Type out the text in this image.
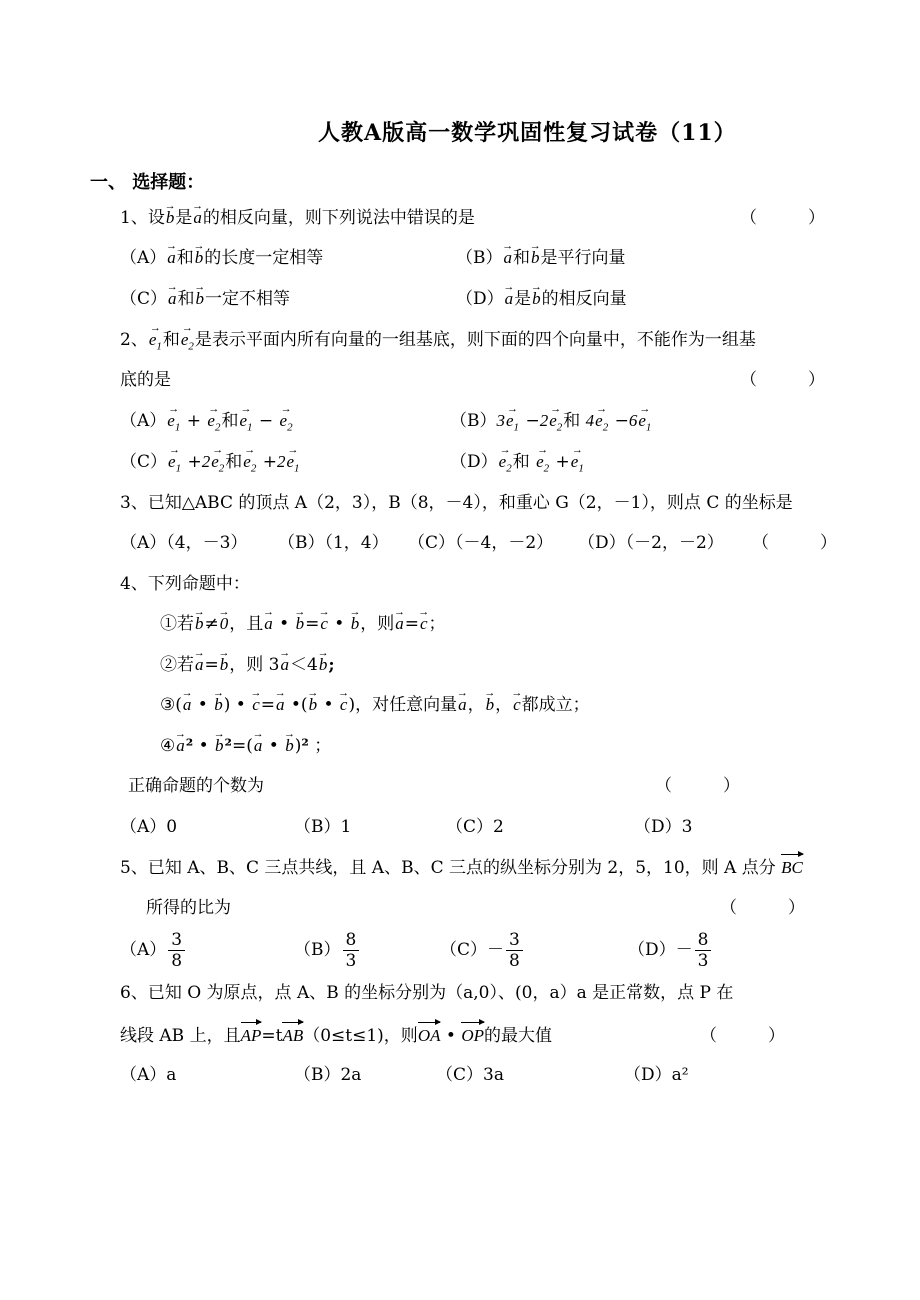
人教A版高一数学巩固性复习试卷（11）
一、 选择题：
1、设→ b是→ a的相反向量，则下列说法中错误的是	（　　　）
（A）→ a和→ b的长度一定相等	（B）→ a和→ b是平行向量
（C）→ a和→ b一定不相等	（D）→ a是→ b的相反向量
2、→ $e_1$和→ $e_2$是表示平面内所有向量的一组基底，则下面的四个向量中，不能作为一组基
底的是	（　　　）
$(A)\to e_1$ + → $e_2$和→ $e_1$ − → $e_2$	$(B)3\to e_1 -2\to e_2$和 $4\to e_2 -6\to e_1$
$(C)\to e_1 +2\to e_2$和→ $e_2 +2\to e_1$	$(D)\to e_2$和 → $e_2 +\to e_1$
3、已知△ABC 的顶点 A（2，3），B（8，－4），和重心 G（2，－1），则点 C 的坐标是
（A）（4，－3） （B）（1，4） （C）（－4，－2） （D）（－2，－2） （　　　）
4、下列命题中：
①若→ b≠→ 0，且→ a • → b=→ c • → b，则→ a=→ c；
②若→ a=→ b，则 3→ a＜4→ b;
③(→ a • → b) • → c=→ a •(→ b • → c)，对任意向量→ a，→ b，→ c都成立；
④→ a² • → b²=(→ a • → b)² ；
正确命题的个数为	（　　　）
（A）0	（B）1	（C）2	（D）3
5、已知 A、B、C 三点共线，且 A、B、C 三点的纵坐标分别为 2，5，10，则 A 点分 BC
所得的比为	（　　　）
$(A) \frac{3}{8}$	$(B) \frac{8}{3}$	$(C)- \frac{3}{8}$	$(D)- \frac{8}{3}$
6、已知 O 为原点，点 A、B 的坐标分别为（a,0）、(0，a）a 是正常数，点 P 在
线段 AB 上，且AP=tAB（0≤t≤1)，则OA • OP的最大值	（　　　）
（A）a	（B）2a	（C）3a	（D）a²
